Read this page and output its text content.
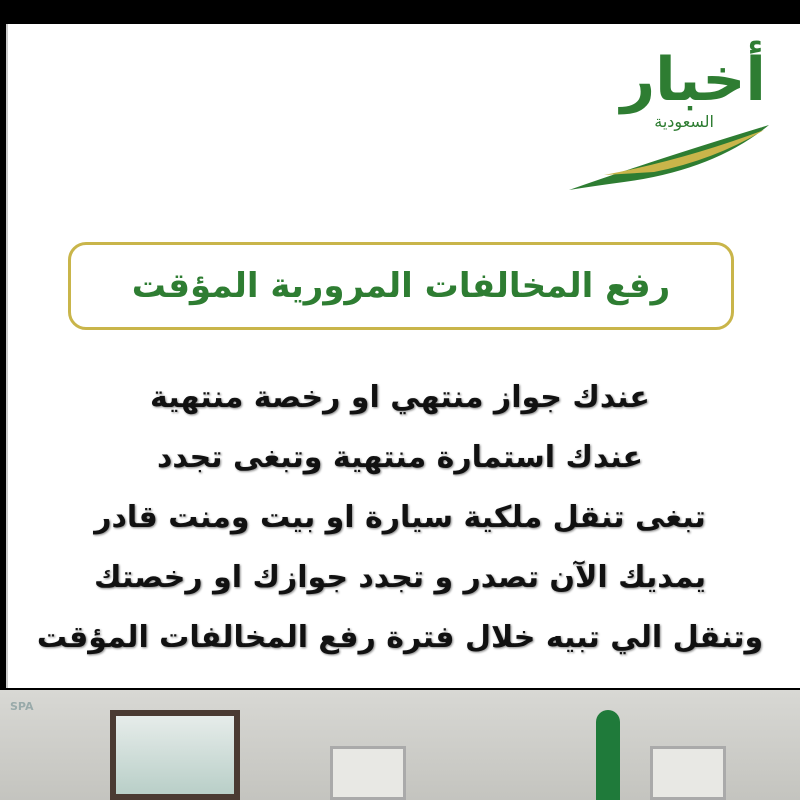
أخبار
السعودية
رفع المخالفات المرورية المؤقت
عندك جواز منتهي او رخصة منتهية
عندك استمارة منتهية وتبغى تجدد
تبغى تنقل ملكية سيارة او بيت ومنت قادر
يمديك الآن تصدر و تجدد جوازك او رخصتك
وتنقل الي تبيه خلال فترة رفع المخالفات المؤقت
SPA
